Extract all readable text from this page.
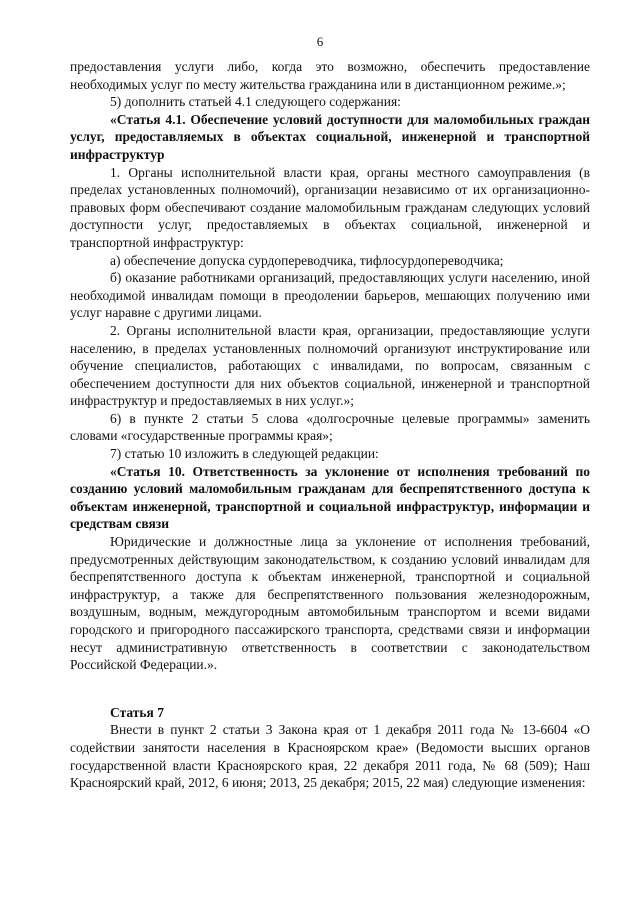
6

предоставления услуги либо, когда это возможно, обеспечить предоставление необходимых услуг по месту жительства гражданина или в дистанционном режиме.»;

5) дополнить статьей 4.1 следующего содержания:

«Статья 4.1. Обеспечение условий доступности для маломобильных граждан услуг, предоставляемых в объектах социальной, инженерной и транспортной инфраструктур

1. Органы исполнительной власти края, органы местного самоуправления (в пределах установленных полномочий), организации независимо от их организационно-правовых форм обеспечивают создание маломобильным гражданам следующих условий доступности услуг, предоставляемых в объектах социальной, инженерной и транспортной инфраструктур:

а) обеспечение допуска сурдопереводчика, тифлосурдопереводчика;

б) оказание работниками организаций, предоставляющих услуги населению, иной необходимой инвалидам помощи в преодолении барьеров, мешающих получению ими услуг наравне с другими лицами.

2. Органы исполнительной власти края, организации, предоставляющие услуги населению, в пределах установленных полномочий организуют инструктирование или обучение специалистов, работающих с инвалидами, по вопросам, связанным с обеспечением доступности для них объектов социальной, инженерной и транспортной инфраструктур и предоставляемых в них услуг.»;

6) в пункте 2 статьи 5 слова «долгосрочные целевые программы» заменить словами «государственные программы края»;

7) статью 10 изложить в следующей редакции:

«Статья 10. Ответственность за уклонение от исполнения требований по созданию условий маломобильным гражданам для беспрепятственного доступа к объектам инженерной, транспортной и социальной инфраструктур, информации и средствам связи

Юридические и должностные лица за уклонение от исполнения требований, предусмотренных действующим законодательством, к созданию условий инвалидам для беспрепятственного доступа к объектам инженерной, транспортной и социальной инфраструктур, а также для беспрепятственного пользования железнодорожным, воздушным, водным, междугородным автомобильным транспортом и всеми видами городского и пригородного пассажирского транспорта, средствами связи и информации несут административную ответственность в соответствии с законодательством Российской Федерации.».

Статья 7

Внести в пункт 2 статьи 3 Закона края от 1 декабря 2011 года № 13-6604 «О содействии занятости населения в Красноярском крае» (Ведомости высших органов государственной власти Красноярского края, 22 декабря 2011 года, № 68 (509); Наш Красноярский край, 2012, 6 июня; 2013, 25 декабря; 2015, 22 мая) следующие изменения:
